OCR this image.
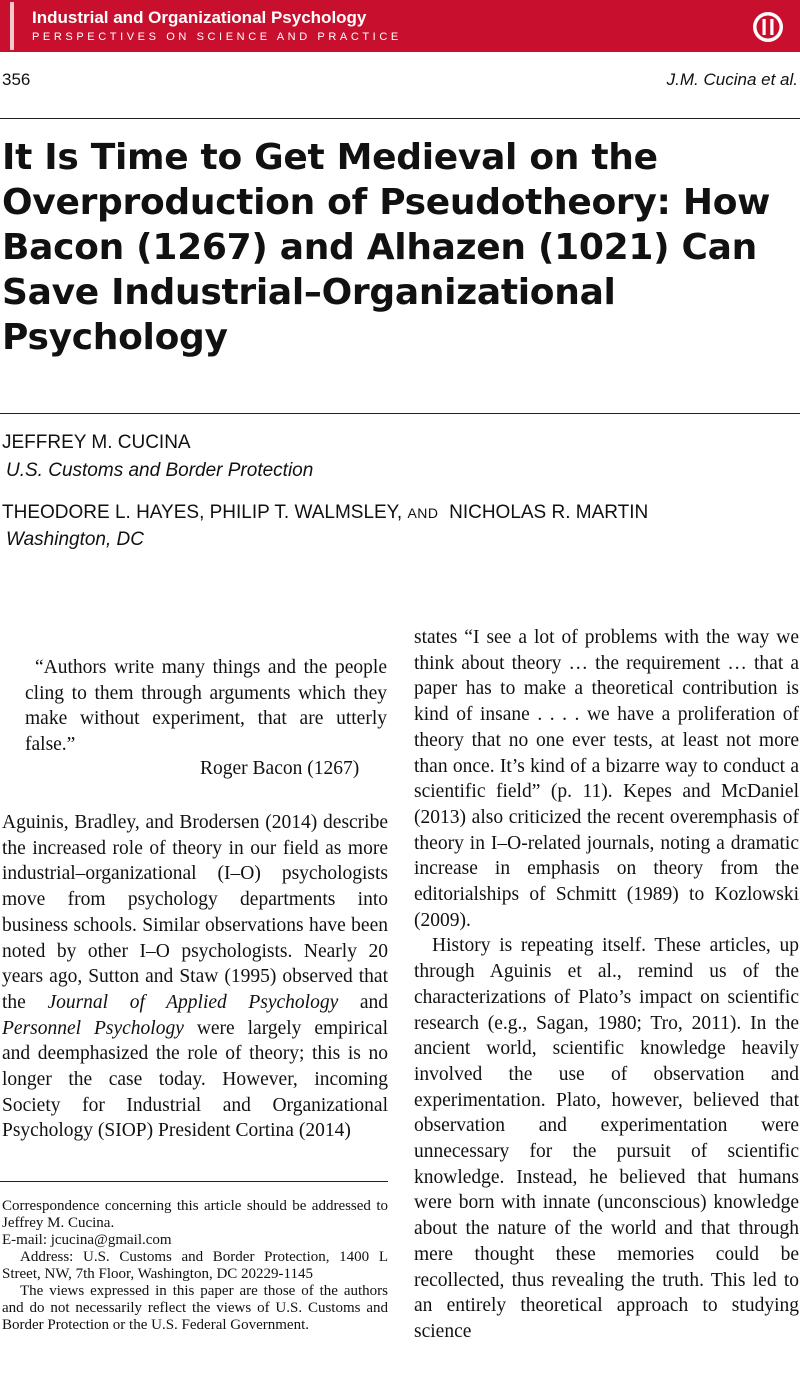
Industrial and Organizational Psychology
PERSPECTIVES ON SCIENCE AND PRACTICE
356	J.M. Cucina et al.
It Is Time to Get Medieval on the Overproduction of Pseudotheory: How Bacon (1267) and Alhazen (1021) Can Save Industrial–Organizational Psychology
JEFFREY M. CUCINA
U.S. Customs and Border Protection
THEODORE L. HAYES, PHILIP T. WALMSLEY, AND NICHOLAS R. MARTIN
Washington, DC
“Authors write many things and the people cling to them through arguments which they make without experiment, that are utterly false.”
Roger Bacon (1267)

Aguinis, Bradley, and Brodersen (2014) describe the increased role of theory in our field as more industrial–organizational (I–O) psychologists move from psychology departments into business schools. Similar observations have been noted by other I–O psychologists. Nearly 20 years ago, Sutton and Staw (1995) observed that the Journal of Applied Psychology and Personnel Psychology were largely empirical and deemphasized the role of theory; this is no longer the case today. However, incoming Society for Industrial and Organizational Psychology (SIOP) President Cortina (2014)

states “I see a lot of problems with the way we think about theory … the requirement … that a paper has to make a theoretical contribution is kind of insane . . . . we have a proliferation of theory that no one ever tests, at least not more than once. It’s kind of a bizarre way to conduct a scientific field” (p. 11). Kepes and McDaniel (2013) also criticized the recent overemphasis of theory in I–O-related journals, noting a dramatic increase in emphasis on theory from the editorialships of Schmitt (1989) to Kozlowski (2009).

History is repeating itself. These articles, up through Aguinis et al., remind us of the characterizations of Plato’s impact on scientific research (e.g., Sagan, 1980; Tro, 2011). In the ancient world, scientific knowledge heavily involved the use of observation and experimentation. Plato, however, believed that observation and experimentation were unnecessary for the pursuit of scientific knowledge. Instead, he believed that humans were born with innate (unconscious) knowledge about the nature of the world and that through mere thought these memories could be recollected, thus revealing the truth. This led to an entirely theoretical approach to studying science

Correspondence concerning this article should be addressed to Jeffrey M. Cucina.

E-mail: jcucina@gmail.com

Address: U.S. Customs and Border Protection, 1400 L Street, NW, 7th Floor, Washington, DC 20229-1145

The views expressed in this paper are those of the authors and do not necessarily reflect the views of U.S. Customs and Border Protection or the U.S. Federal Government.
